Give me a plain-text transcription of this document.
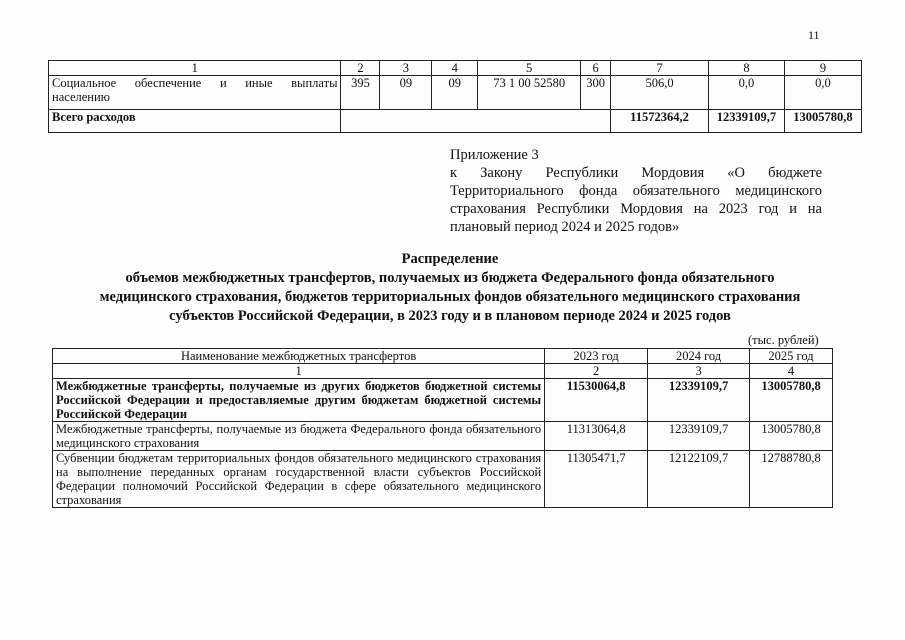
11
1	2	3	4	5	6	7	8	9

Социальное обеспечение и иные выплаты
населению	395	09	09	73 1 00 52580	300	506,0	0,0	0,0
Всего расходов						11572364,2	12339109,7	13005780,8
Приложение 3
к Закону Республики Мордовия «О бюджете
Территориального фонда обязательного медицинского
страхования Республики Мордовия на 2023 год и на
плановый период 2024 и 2025 годов»
Распределение
объемов межбюджетных трансфертов, получаемых из бюджета Федерального фонда обязательного
медицинского страхования, бюджетов территориальных фондов обязательного медицинского страхования
субъектов Российской Федерации, в 2023 году и в плановом периоде 2024 и 2025 годов
(тыс. рублей)
Наименование межбюджетных трансфертов	2023 год	2024 год	2025 год
1	2	3	4
Межбюджетные трансферты, получаемые из других бюджетов бюджетной системы Российской Федерации и предоставляемые другим бюджетам бюджетной системы Российской Федерации	11530064,8	12339109,7	13005780,8
Межбюджетные трансферты, получаемые из бюджета Федерального фонда обязательного медицинского страхования	11313064,8	12339109,7	13005780,8
Субвенции бюджетам территориальных фондов обязательного медицинского страхования на выполнение переданных органам государственной власти субъектов Российской Федерации полномочий Российской Федерации в сфере обязательного медицинского страхования	11305471,7	12122109,7	12788780,8
